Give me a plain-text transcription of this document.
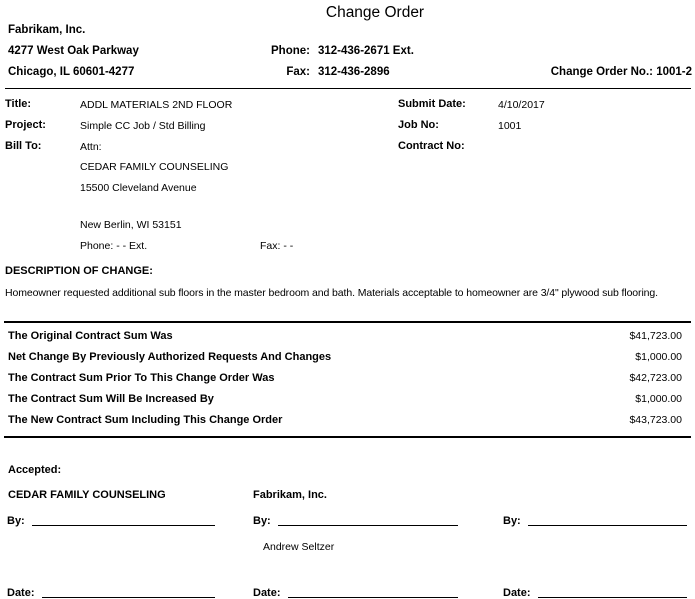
Change Order
Fabrikam, Inc.
4277 West Oak Parkway
Chicago, IL 60601-4277
Phone: 312-436-2671 Ext.
Fax: 312-436-2896	Change Order No.: 1001-2
Title:	ADDL MATERIALS 2ND FLOOR
Project:	Simple CC Job / Std Billing
Bill To:	Attn:
CEDAR FAMILY COUNSELING
15500 Cleveland Avenue
New Berlin, WI 53151
Phone: - - Ext.	Fax: - -
Submit Date:	4/10/2017
Job No:	1001
Contract No:
DESCRIPTION OF CHANGE:
Homeowner requested additional sub floors in the master bedroom and bath. Materials acceptable to homeowner are 3/4" plywood sub flooring.
The Original Contract Sum Was	$41,723.00
Net Change By Previously Authorized Requests And Changes	$1,000.00
The Contract Sum Prior To This Change Order Was	$42,723.00
The Contract Sum Will Be Increased By	$1,000.00
The New Contract Sum Including This Change Order	$43,723.00
Accepted:
CEDAR FAMILY COUNSELING	Fabrikam, Inc.
By:	By:	By:
Andrew Seltzer
Date:	Date:	Date:
